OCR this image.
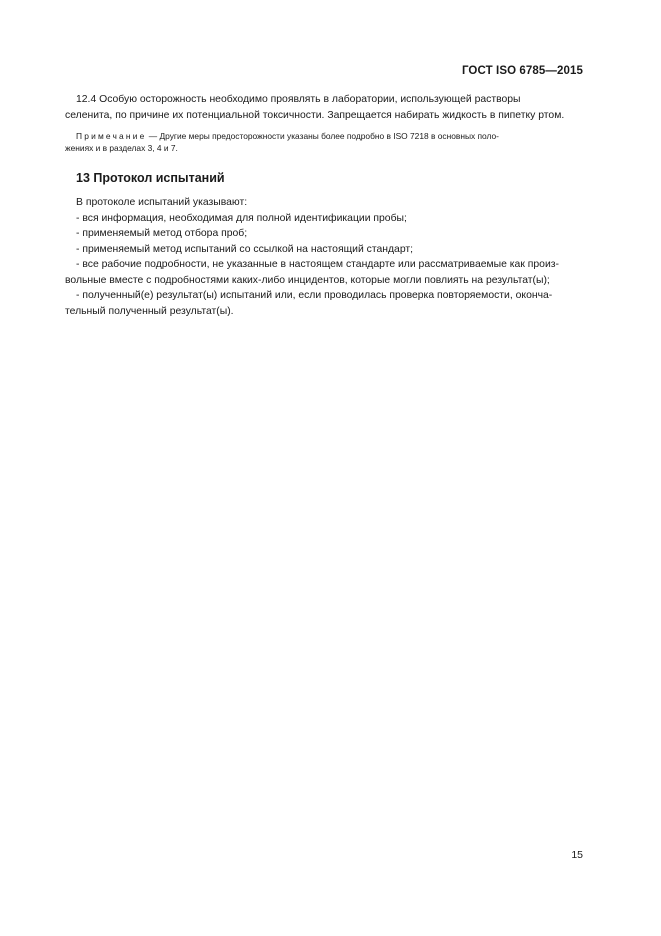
ГОСТ ISO 6785—2015

12.4 Особую осторожность необходимо проявлять в лаборатории, использующей растворы

селенита, по причине их потенциальной токсичности. Запрещается набирать жидкость в пипетку ртом.

Примечание — Другие меры предосторожности указаны более подробно в ISO 7218 в основных поло-

жениях и в разделах 3, 4 и 7.

13 Протокол испытаний

В протоколе испытаний указывают:

- вся информация, необходимая для полной идентификации пробы;

- применяемый метод отбора проб;

- применяемый метод испытаний со ссылкой на настоящий стандарт;

- все рабочие подробности, не указанные в настоящем стандарте или рассматриваемые как произ-

вольные вместе с подробностями каких-либо инцидентов, которые могли повлиять на результат(ы);

- полученный(е) результат(ы) испытаний или, если проводилась проверка повторяемости, оконча-

тельный полученный результат(ы).

15
